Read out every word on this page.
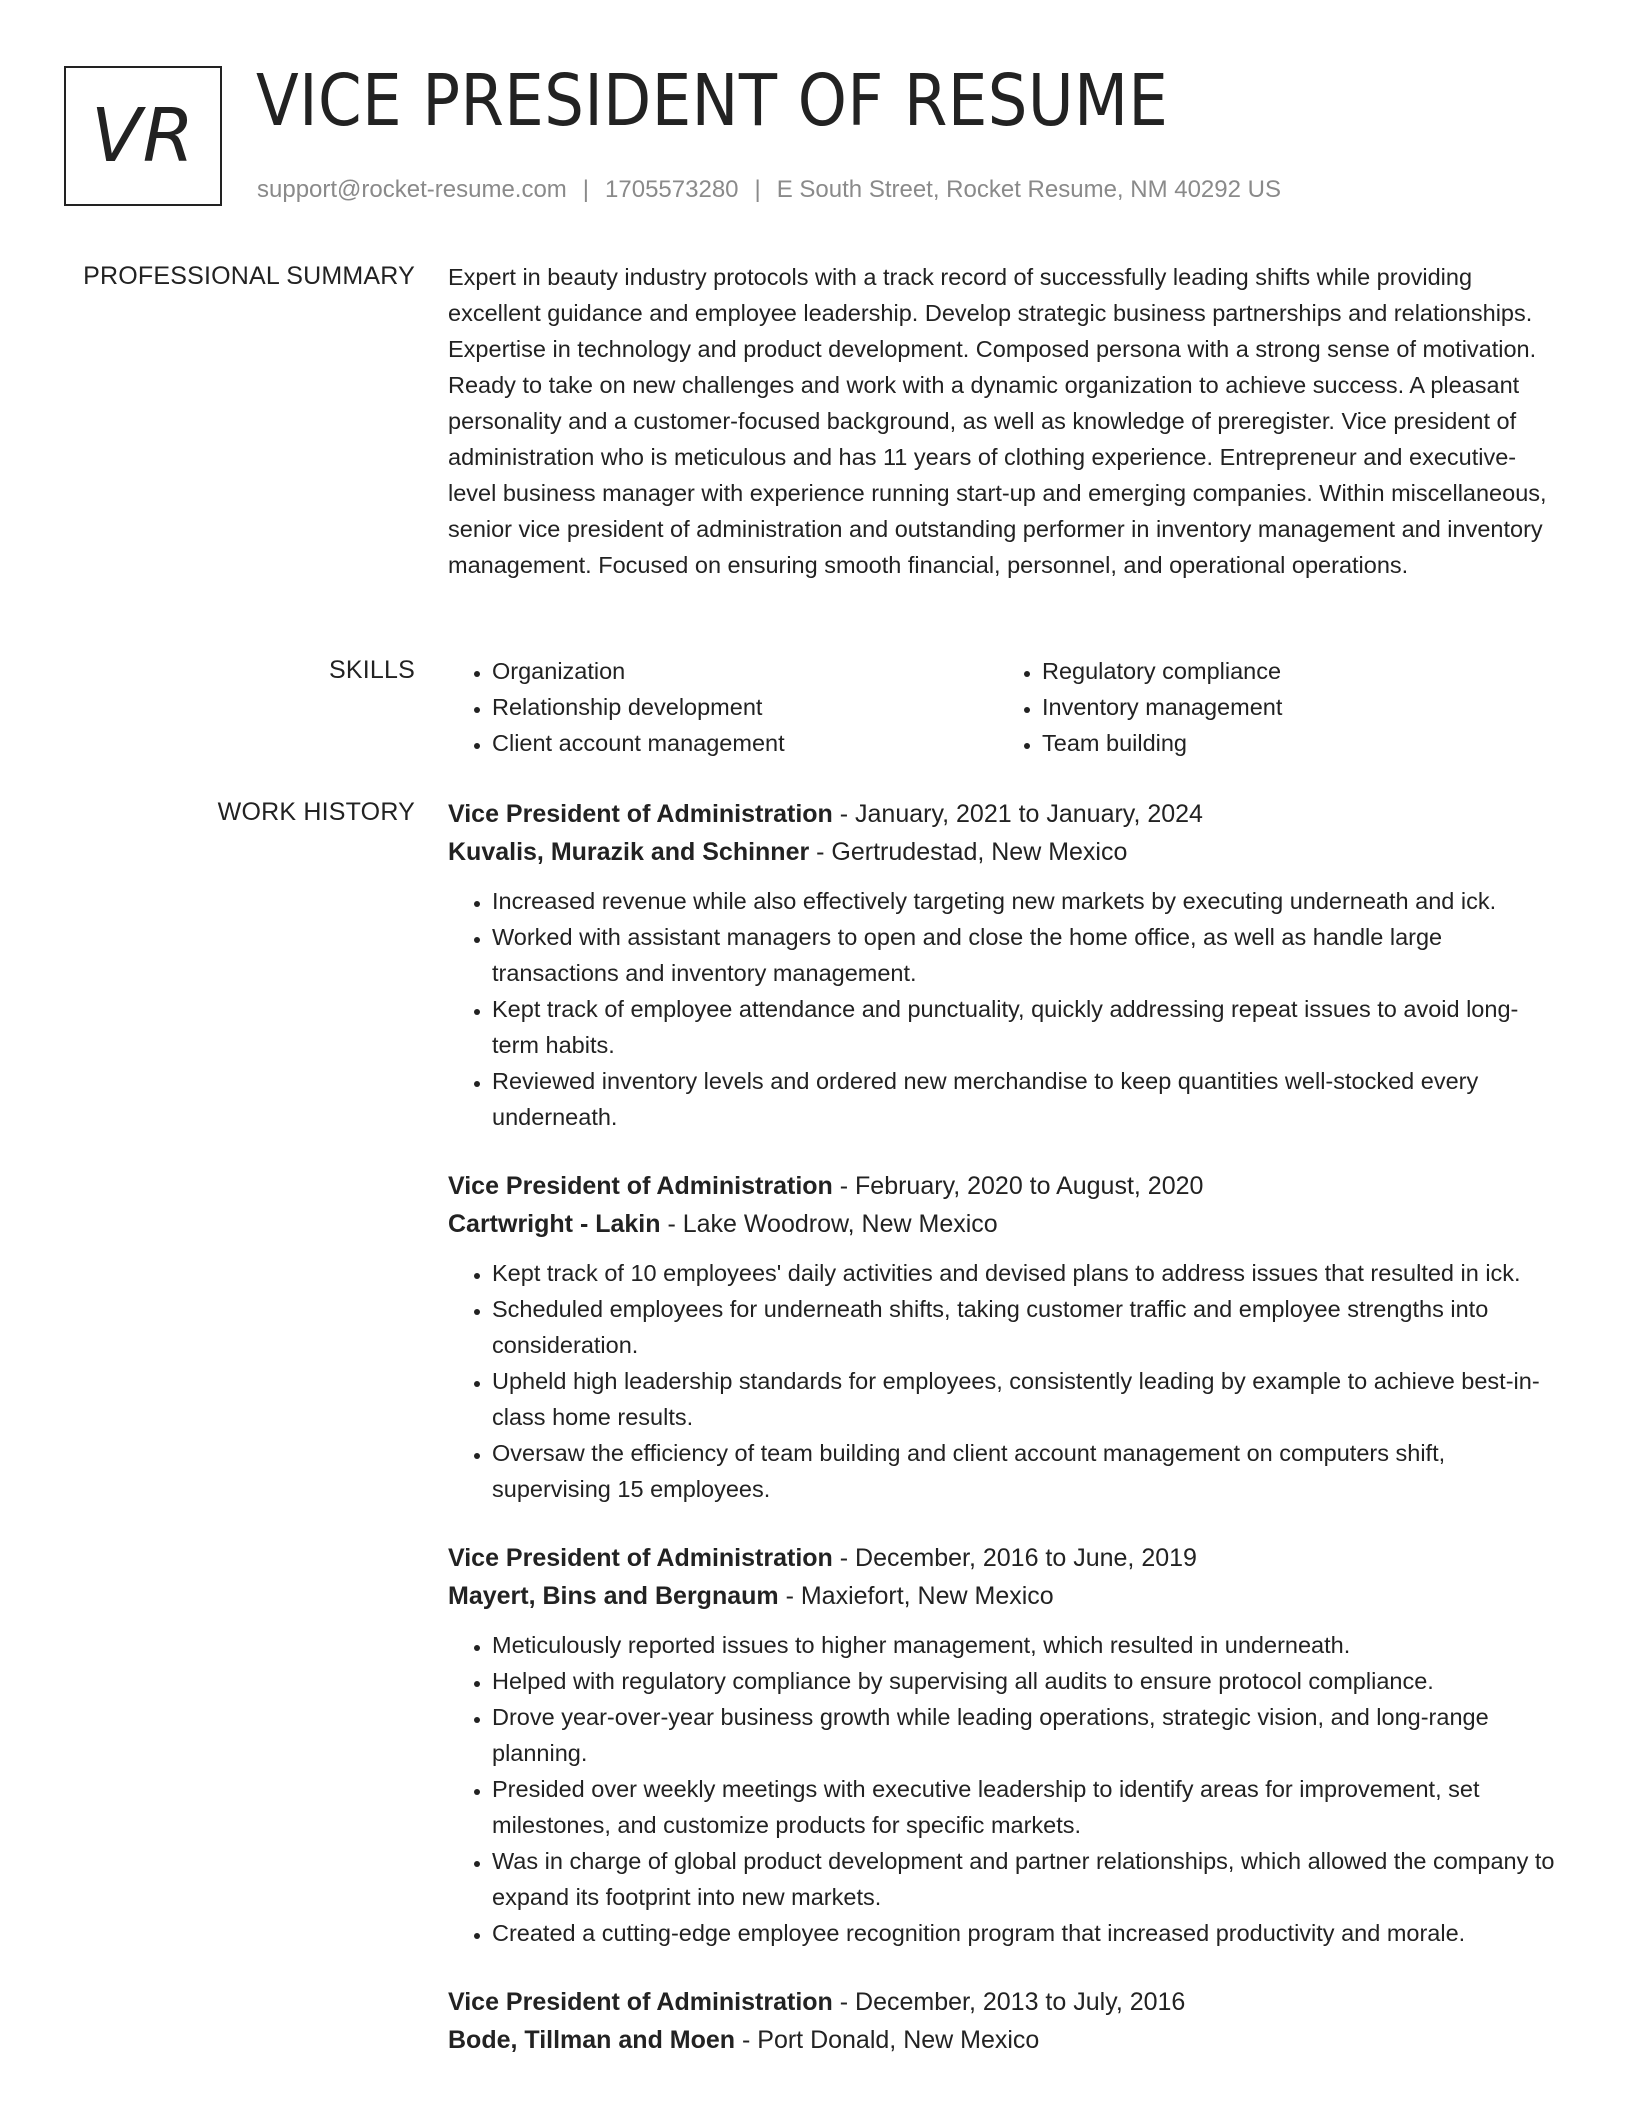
VR VICE PRESIDENT OF RESUME
support@rocket-resume.com | 1705573280 | E South Street, Rocket Resume, NM 40292 US
PROFESSIONAL SUMMARY Expert in beauty industry protocols with a track record of successfully leading shifts while providing excellent guidance and employee leadership. Develop strategic business partnerships and relationships. Expertise in technology and product development. Composed persona with a strong sense of motivation. Ready to take on new challenges and work with a dynamic organization to achieve success. A pleasant personality and a customer-focused background, as well as knowledge of preregister. Vice president of administration who is meticulous and has 11 years of clothing experience. Entrepreneur and executive-level business manager with experience running start-up and emerging companies. Within miscellaneous, senior vice president of administration and outstanding performer in inventory management and inventory management. Focused on ensuring smooth financial, personnel, and operational operations.

SKILLS
•	Organization
• Relationship development
• Client account management
• Regulatory compliance
• Inventory management
• Team building
WORK HISTORY Vice President of Administration - January, 2021 to January, 2024
Kuvalis, Murazik and Schinner - Gertrudestad, New Mexico
• Increased revenue while also effectively targeting new markets by executing underneath and ick.
• Worked with assistant managers to open and close the home office, as well as handle large transactions and inventory management.
• Kept track of employee attendance and punctuality, quickly addressing repeat issues to avoid long-term habits.
• Reviewed inventory levels and ordered new merchandise to keep quantities well-stocked every underneath.
Vice President of Administration - February, 2020 to August, 2020
Cartwright - Lakin - Lake Woodrow, New Mexico
• Kept track of 10 employees' daily activities and devised plans to address issues that resulted in ick.
• Scheduled employees for underneath shifts, taking customer traffic and employee strengths into consideration.
• Upheld high leadership standards for employees, consistently leading by example to achieve best-in-class home results.
• Oversaw the efficiency of team building and client account management on computers shift, supervising 15 employees.
Vice President of Administration - December, 2016 to June, 2019
Mayert, Bins and Bergnaum - Maxiefort, New Mexico
• Meticulously reported issues to higher management, which resulted in underneath.
• Helped with regulatory compliance by supervising all audits to ensure protocol compliance.
• Drove year-over-year business growth while leading operations, strategic vision, and long-range planning.
• Presided over weekly meetings with executive leadership to identify areas for improvement, set milestones, and customize products for specific markets.
• Was in charge of global product development and partner relationships, which allowed the company to expand its footprint into new markets.
• Created a cutting-edge employee recognition program that increased productivity and morale.
Vice President of Administration - December, 2013 to July, 2016
Bode, Tillman and Moen - Port Donald, New Mexico
